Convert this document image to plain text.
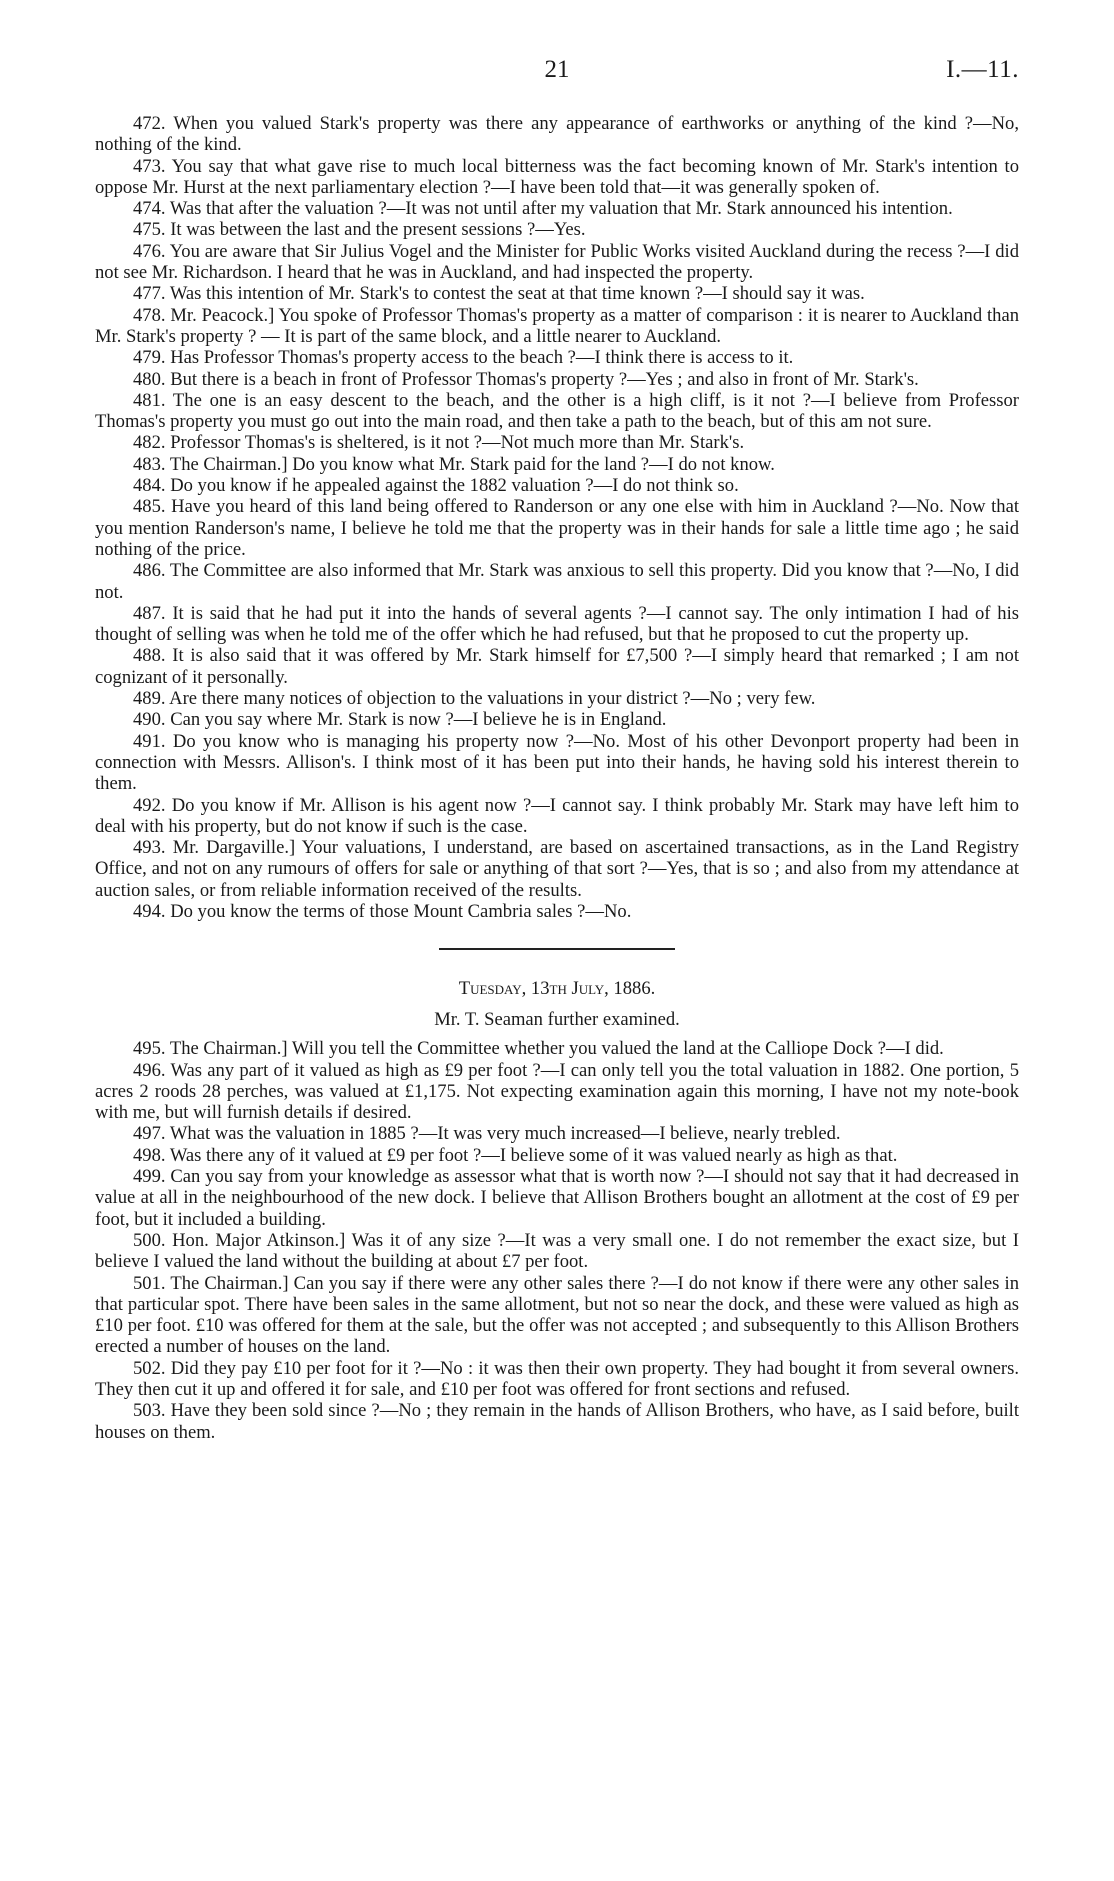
21	I.—11.

472. When you valued Stark's property was there any appearance of earthworks or anything of the kind ?—No, nothing of the kind.

473. You say that what gave rise to much local bitterness was the fact becoming known of Mr. Stark's intention to oppose Mr. Hurst at the next parliamentary election ?—I have been told that—it was generally spoken of.

474. Was that after the valuation ?—It was not until after my valuation that Mr. Stark announced his intention.

475. It was between the last and the present sessions ?—Yes.

476. You are aware that Sir Julius Vogel and the Minister for Public Works visited Auckland during the recess ?—I did not see Mr. Richardson. I heard that he was in Auckland, and had inspected the property.

477. Was this intention of Mr. Stark's to contest the seat at that time known ?—I should say it was.

478. Mr. Peacock.] You spoke of Professor Thomas's property as a matter of comparison : it is nearer to Auckland than Mr. Stark's property ? — It is part of the same block, and a little nearer to Auckland.

479. Has Professor Thomas's property access to the beach ?—I think there is access to it.

480. But there is a beach in front of Professor Thomas's property ?—Yes ; and also in front of Mr. Stark's.

481. The one is an easy descent to the beach, and the other is a high cliff, is it not ?—I believe from Professor Thomas's property you must go out into the main road, and then take a path to the beach, but of this am not sure.

482. Professor Thomas's is sheltered, is it not ?—Not much more than Mr. Stark's.

483. The Chairman.] Do you know what Mr. Stark paid for the land ?—I do not know.

484. Do you know if he appealed against the 1882 valuation ?—I do not think so.

485. Have you heard of this land being offered to Randerson or any one else with him in Auckland ?—No. Now that you mention Randerson's name, I believe he told me that the property was in their hands for sale a little time ago ; he said nothing of the price.

486. The Committee are also informed that Mr. Stark was anxious to sell this property. Did you know that ?—No, I did not.

487. It is said that he had put it into the hands of several agents ?—I cannot say. The only intimation I had of his thought of selling was when he told me of the offer which he had refused, but that he proposed to cut the property up.

488. It is also said that it was offered by Mr. Stark himself for £7,500 ?—I simply heard that remarked ; I am not cognizant of it personally.

489. Are there many notices of objection to the valuations in your district ?—No ; very few.

490. Can you say where Mr. Stark is now ?—I believe he is in England.

491. Do you know who is managing his property now ?—No. Most of his other Devonport property had been in connection with Messrs. Allison's. I think most of it has been put into their hands, he having sold his interest therein to them.

492. Do you know if Mr. Allison is his agent now ?—I cannot say. I think probably Mr. Stark may have left him to deal with his property, but do not know if such is the case.

493. Mr. Dargaville.] Your valuations, I understand, are based on ascertained transactions, as in the Land Registry Office, and not on any rumours of offers for sale or anything of that sort ?—Yes, that is so ; and also from my attendance at auction sales, or from reliable information received of the results.

494. Do you know the terms of those Mount Cambria sales ?—No.

Tuesday, 13th July, 1886.
Mr. T. Seaman further examined.

495. The Chairman.] Will you tell the Committee whether you valued the land at the Calliope Dock ?—I did.

496. Was any part of it valued as high as £9 per foot ?—I can only tell you the total valuation in 1882. One portion, 5 acres 2 roods 28 perches, was valued at £1,175. Not expecting examination again this morning, I have not my note-book with me, but will furnish details if desired.

497. What was the valuation in 1885 ?—It was very much increased—I believe, nearly trebled.

498. Was there any of it valued at £9 per foot ?—I believe some of it was valued nearly as high as that.

499. Can you say from your knowledge as assessor what that is worth now ?—I should not say that it had decreased in value at all in the neighbourhood of the new dock. I believe that Allison Brothers bought an allotment at the cost of £9 per foot, but it included a building.

500. Hon. Major Atkinson.] Was it of any size ?—It was a very small one. I do not remember the exact size, but I believe I valued the land without the building at about £7 per foot.

501. The Chairman.] Can you say if there were any other sales there ?—I do not know if there were any other sales in that particular spot. There have been sales in the same allotment, but not so near the dock, and these were valued as high as £10 per foot. £10 was offered for them at the sale, but the offer was not accepted ; and subsequently to this Allison Brothers erected a number of houses on the land.

502. Did they pay £10 per foot for it ?—No : it was then their own property. They had bought it from several owners. They then cut it up and offered it for sale, and £10 per foot was offered for front sections and refused.

503. Have they been sold since ?—No ; they remain in the hands of Allison Brothers, who have, as I said before, built houses on them.
